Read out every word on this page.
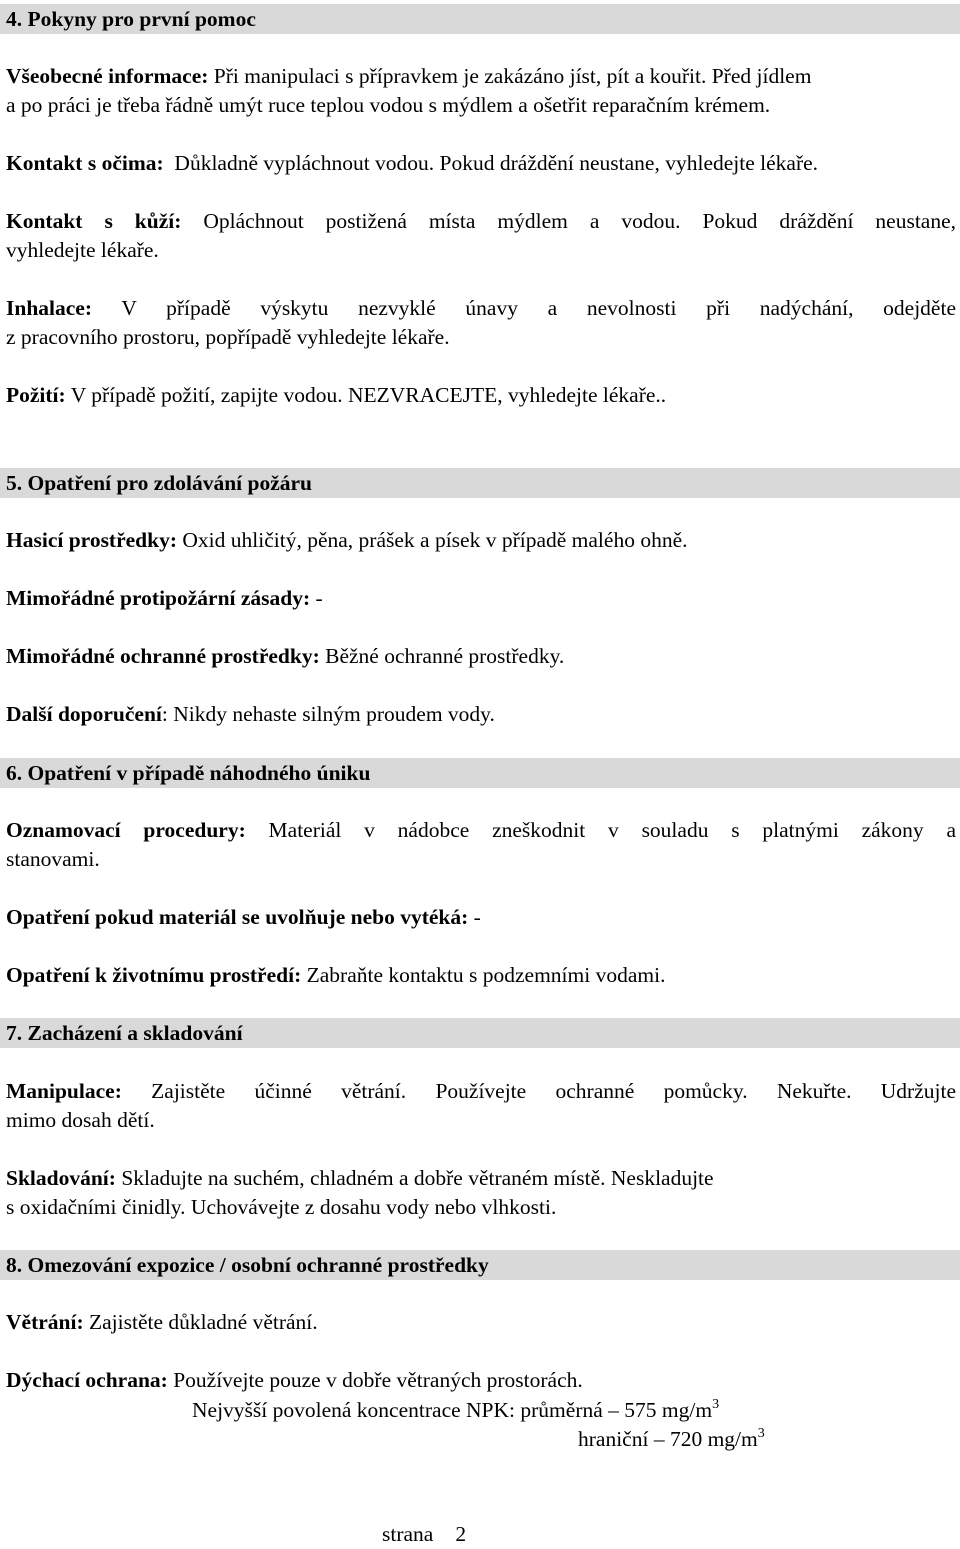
4. Pokyny pro první pomoc

Všeobecné informace: Při manipulaci s přípravkem je zakázáno jíst, pít a kouřit. Před jídlem
a po práci je třeba řádně umýt ruce teplou vodou s mýdlem a ošetřit reparačním krémem.

Kontakt s očima: Důkladně vypláchnout vodou. Pokud dráždění neustane, vyhledejte lékaře.

Kontakt s kůží: Opláchnout postižená místa mýdlem a vodou. Pokud dráždění neustane,

vyhledejte lékaře.

Inhalace: V případě výskytu nezvyklé únavy a nevolnosti při nadýchání, odejděte

z pracovního prostoru, popřípadě vyhledejte lékaře.

Požití: V případě požití, zapijte vodou. NEZVRACEJTE, vyhledejte lékaře..

5. Opatření pro zdolávání požáru

Hasicí prostředky: Oxid uhličitý, pěna, prášek a písek v případě malého ohně.

Mimořádné protipožární zásady: -

Mimořádné ochranné prostředky: Běžné ochranné prostředky.

Další doporučení: Nikdy nehaste silným proudem vody.

6. Opatření v případě náhodného úniku

Oznamovací procedury: Materiál v nádobce zneškodnit v souladu s platnými zákony a

stanovami.

Opatření pokud materiál se uvolňuje nebo vytéká: -

Opatření k životnímu prostředí: Zabraňte kontaktu s podzemními vodami.

7. Zacházení a skladování

Manipulace: Zajistěte účinné větrání. Používejte ochranné pomůcky. Nekuřte. Udržujte

mimo dosah dětí.

Skladování: Skladujte na suchém, chladném a dobře větraném místě. Neskladujte
s oxidačními činidly. Uchovávejte z dosahu vody nebo vlhkosti.

8. Omezování expozice / osobní ochranné prostředky

Větrání: Zajistěte důkladné větrání.

Dýchací ochrana: Používejte pouze v dobře větraných prostorách.

Nejvyšší povolená koncentrace NPK: průměrná – 575 $mg/m^3$
hraniční – 720 $mg/m^3$
strana 2
